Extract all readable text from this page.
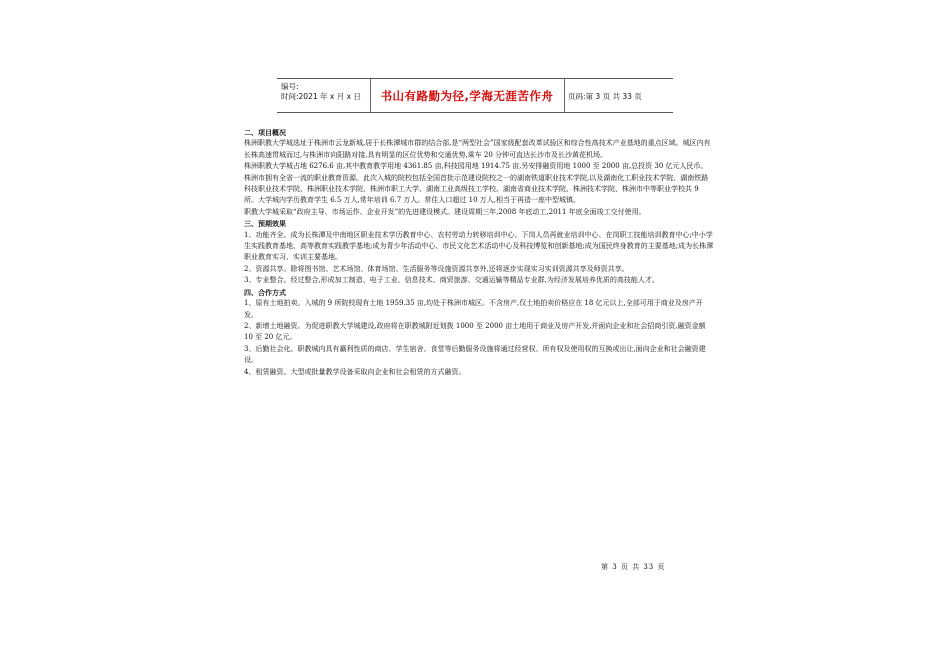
编号:
时间:2021 年 x 月 x 日	书山有路勤为径,学海无涯苦作舟	页码:第 3 页 共 33 页

二、项目概况

株洲职教大学城选址于株洲市云龙新城,居于长株潭城市群的结合部,是“两型社会”国家级配套改革试验区和综合性高技术产业基地的重点区域。城区内有长株高速贯城而过,与株洲市向阳路对接,具有明显的区位优势和交通优势,乘车 20 分钟可直达长沙市及长沙黄花机场。

株洲职教大学城占地 6276.6 亩,其中教育教学用地 4361.85 亩,科技园用地 1914.75 亩,另安排融资用地 1000 至 2000 亩,总投资 30 亿元人民币。

株洲市拥有全省一流的职业教育资源。此次入城的院校包括全国首批示范建设院校之一的湖南铁道职业技术学院,以及湖南化工职业技术学院、湖南铁路科技职业技术学院、株洲职业技术学院、株洲市职工大学、湖南工业高级技工学校、湖南省商业技术学院、株洲技术学院、株洲市中等职业学校共 9 所。大学城内学历教育学生 6.5 万人,常年培训 6.7 万人。常住人口超过 10 万人,相当于再造一座中型城镇。

职教大学城采取“政府主导、市场运作、企业开发”的先进建设模式。建设周期三年,2008 年底动工,2011 年底全面竣工交付使用。

三、预期效果

1、功能齐全。成为长株潭及中南地区职业技术学历教育中心、农村劳动力转移培训中心、下岗人员再就业培训中心、在岗职工技能培训教育中心;中小学生实践教育基地、高等教育实践教学基地;成为青少年活动中心、市民文化艺术活动中心及科技博览和创新基地;成为国民终身教育的主要基地;成为长株潭职业教育实习、实训主要基地。

2、资源共享。除将图书馆、艺术场馆、体育场馆、生活服务等设施资源共享外,还将逐步实现实习实训资源共享及师资共享。

3、专业整合。经过整合,形成加工制造、电子工业、信息技术、商贸旅游、交通运输等精品专业群,为经济发展培养优质的高技能人才。

四、合作方式

1、原有土地拍卖。入城的 9 所院校现有土地 1959.35 亩,均处于株洲市城区。不含房产,仅土地拍卖价格应在 18 亿元以上,全部可用于商业及房产开发。

2、新增土地融资。为促进职教大学城建设,政府将在职教城附近划拨 1000 至 2000 亩土地用于商业及房产开发,并面向企业和社会招商引资,融资金额 10 至 20 亿元。

3、后勤社会化。职教城内具有赢利性质的商店、学生宿舍、食堂等后勤服务设施将通过经营权、所有权及使用权的互换或出让,面向企业和社会融资建设。

4、租赁融资。大型或批量教学设备采取向企业和社会租赁的方式融资。

第 3 页 共 33 页
